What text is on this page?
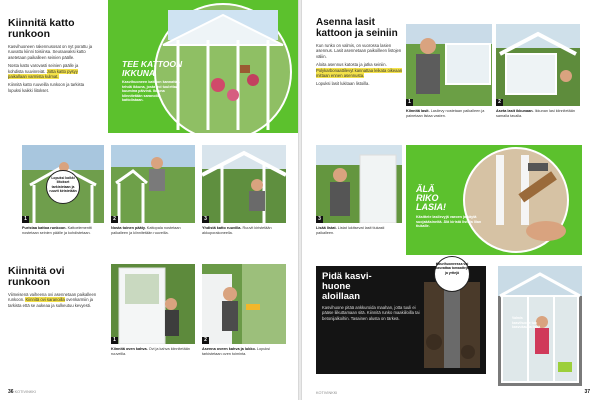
Kiinnitä katto

runkoon

Kasvihuoneen rakennusosat on nyt porattu ja ruuvattu kiinni toisiinsa. Seuraavaksi katto asetetaan paikalleen seinien päälle.

Nosta katto varovasti seinien päälle ja kohdista ruuvinreiät. Jotta katto pysyy paikallaan varmista kulmat.

Kiinnitä katto ruuveilla runkoon ja tarkista lopuksi kaikki liitokset.

TEE KATTOON
IKKUNA
Kasvihuoneen kattoon kannattaa tehdä ikkuna, josta voi tuulettaa kuumina päivinä. Ikkuna kiinnitetään saranoilla kattolistaan.
1	2	3
Lopuksi kaikki liitokset tarkistetaan ja ruuvit kiristetään
Puristaa kattoa runkoon. Kattoelementti nostetaan seinien päälle ja kohdistetaan.
Nosta toinen pääty. Kattopala nostetaan paikalleen ja kiinnitetään ruuveilla.
Yhdistä katto ruuvilla. Ruuvit kiristetään akkuporakoneella.

Kiinnitä ovi

runkoon

Viimeisenä vaiheena ovi asennetaan paikalleen runkoon. Kiinnitä ovi saranoilla ovenkarmiin ja tarkista että se aukeaa ja sulkeutuu kevyesti.

1	2
Kiinnitä oven kahva. Ovi ja kahva kiinnitetään ruuveilla.
Asenna oveen kahva ja lukko. Lopuksi tarkistetaan oven toiminta.
36 KOTIVINKKI

Asenna lasit

kattoon ja seiniin

Kun runko on valmis, on vuorossa lasien asennus. Lasit asennetaan paikoilleen listojen väliin.

Aloita asennus katosta ja jatka seiniin. Polykarbonaattilevyt kannattaa leikata oikeaan mittaan ennen asennusta.

Lopuksi lasit lukitaan listoilla.

1	2
Kiinnitä lasit. Lasilevy nostetaan paikalleen ja painetaan listaa vasten.
Aseta lasit ikkunaan. Ikkunan lasi kiinnitetään samalla tavalla.
3
Lisää listat. Listat lukitsevat lasit tiukasti paikalleen.
ÄLÄ
RIKO
LASIA!
Käsittele lasilevyjä varoen ja käytä suojakäsineitä. Älä kiristä listoja liian tiukalle.

Pidä kasvi-

huone

aloillaan

Kasvihuone pitää ankkuroida maahan, jotta tuuli ei pääse liikuttamaan sitä. Kiinnitä runko maakiiloilla tai betonijalkoihin. Tasainen alusta on tärkeä.

Kasvihuoneessa voi kasvattaa tomaatteja ja yrttejä
Valmis kasvihuone tuo kasvukautta lisää
KOTIVINKKI	37
